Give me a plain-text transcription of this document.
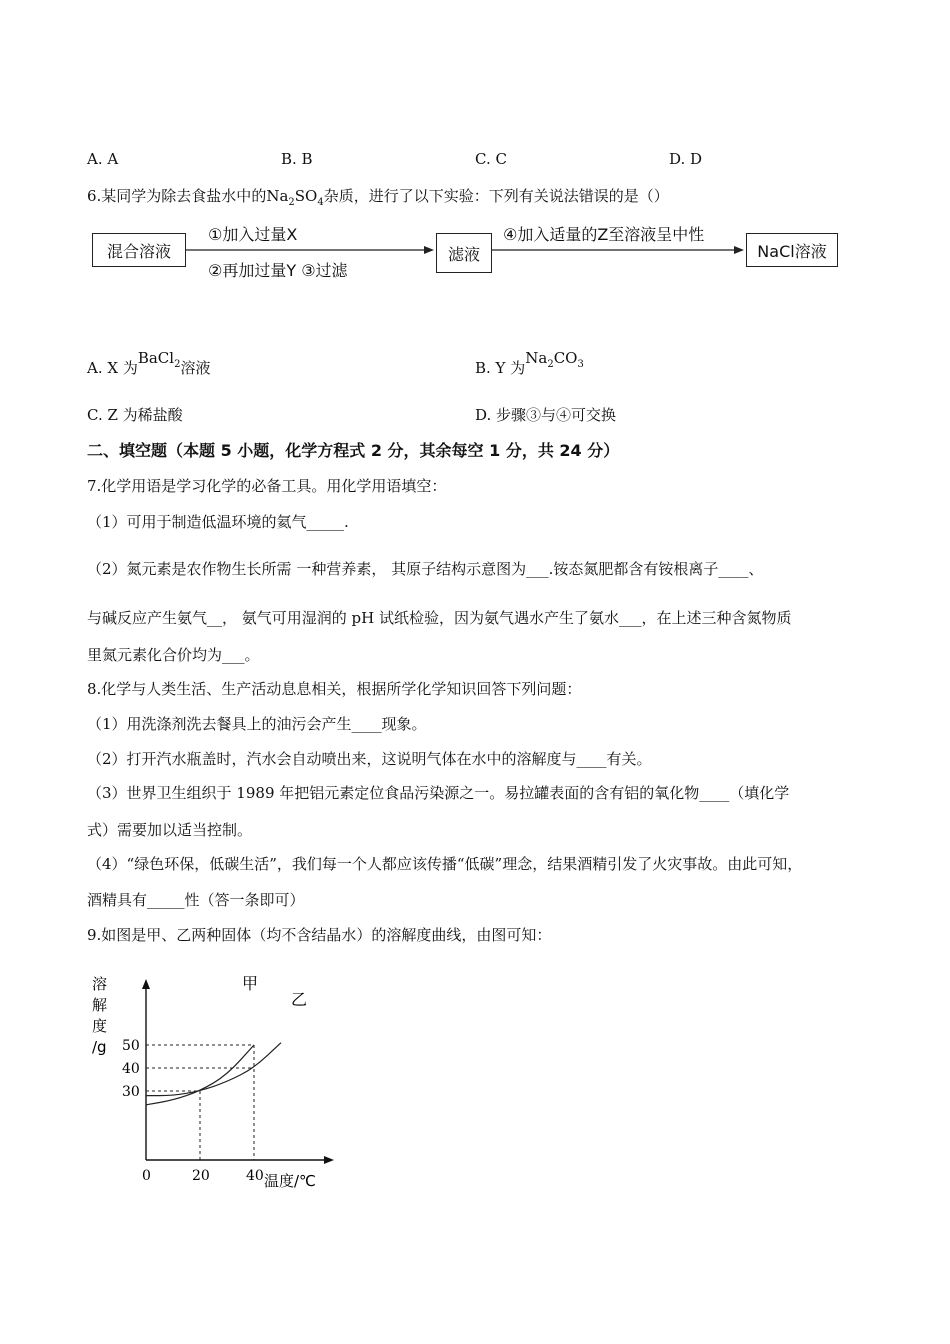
A. A	B. B	C. C	D. D
6.某同学为除去食盐水中的$Na_2SO_4$杂质，进行了以下实验：下列有关说法错误的是（）
混合溶液	滤液	NaCl溶液
①加入过量X
②再加过量Y ③过滤
④加入适量的Z至溶液呈中性
A. X 为BaCl$_2$溶液	B. Y 为$Na_2CO_3$
C. Z 为稀盐酸	D. 步骤③与④可交换
二、填空题（本题 5 小题，化学方程式 2 分，其余每空 1 分，共 24 分）
7.化学用语是学习化学的必备工具。用化学用语填空：
（1）可用于制造低温环境的氦气_____.
（2）氮元素是农作物生长所需 一种营养素， 其原子结构示意图为___.铵态氮肥都含有铵根离子____、
与碱反应产生氨气__， 氨气可用湿润的 pH 试纸检验，因为氨气遇水产生了氨水___，在上述三种含氮物质
里氮元素化合价均为___。
8.化学与人类生活、生产活动息息相关，根据所学化学知识回答下列问题：
（1）用洗涤剂洗去餐具上的油污会产生____现象。
（2）打开汽水瓶盖时，汽水会自动喷出来，这说明气体在水中的溶解度与____有关。
（3）世界卫生组织于 1989 年把铝元素定位食品污染源之一。易拉罐表面的含有铝的氧化物____（填化学
式）需要加以适当控制。
（4）“绿色环保，低碳生活”，我们每一个人都应该传播“低碳”理念，结果酒精引发了火灾事故。由此可知，
酒精具有_____性（答一条即可）
9.如图是甲、乙两种固体（均不含结晶水）的溶解度曲线，由图可知：
溶
解
度
/g 50
40
30
0	20	40 温度/℃
甲
乙
